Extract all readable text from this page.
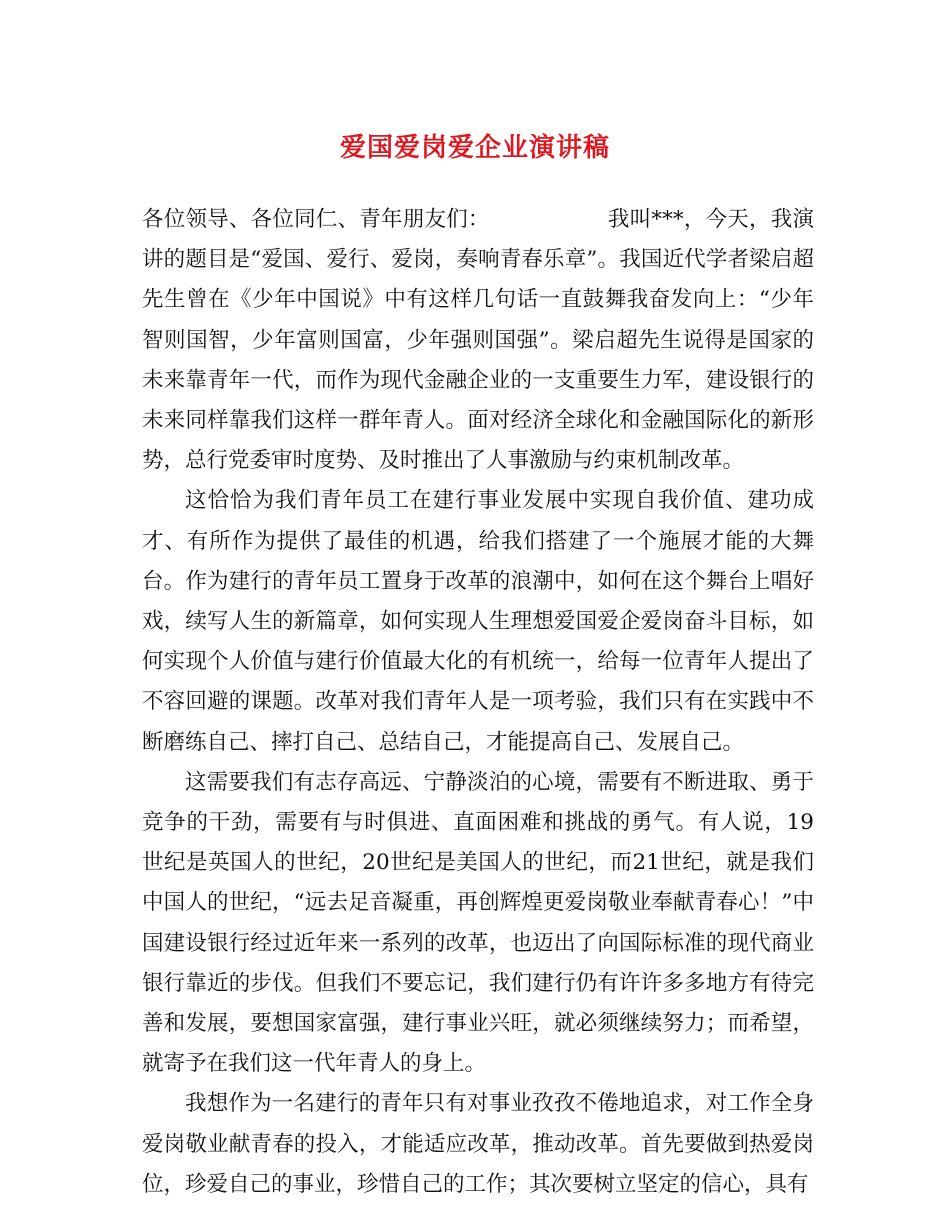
爱国爱岗爱企业演讲稿

各位领导、各位同仁、青年朋友们：	我叫***，今天，我演讲的题目是“爱国、爱行、爱岗，奏响青春乐章”。我国近代学者梁启超先生曾在《少年中国说》中有这样几句话一直鼓舞我奋发向上：“少年智则国智，少年富则国富，少年强则国强”。梁启超先生说得是国家的未来靠青年一代，而作为现代金融企业的一支重要生力军，建设银行的未来同样靠我们这样一群年青人。面对经济全球化和金融国际化的新形势，总行党委审时度势、及时推出了人事激励与约束机制改革。

这恰恰为我们青年员工在建行事业发展中实现自我价值、建功成才、有所作为提供了最佳的机遇，给我们搭建了一个施展才能的大舞台。作为建行的青年员工置身于改革的浪潮中，如何在这个舞台上唱好戏，续写人生的新篇章，如何实现人生理想爱国爱企爱岗奋斗目标，如何实现个人价值与建行价值最大化的有机统一，给每一位青年人提出了不容回避的课题。改革对我们青年人是一项考验，我们只有在实践中不断磨练自己、摔打自己、总结自己，才能提高自己、发展自己。

这需要我们有志存高远、宁静淡泊的心境，需要有不断进取、勇于竞争的干劲，需要有与时俱进、直面困难和挑战的勇气。有人说，19世纪是英国人的世纪，20世纪是美国人的世纪，而21世纪，就是我们中国人的世纪，“远去足音凝重，再创辉煌更爱岗敬业奉献青春心！”中国建设银行经过近年来一系列的改革，也迈出了向国际标准的现代商业银行靠近的步伐。但我们不要忘记，我们建行仍有许许多多地方有待完善和发展，要想国家富强，建行事业兴旺，就必须继续努力；而希望，就寄予在我们这一代年青人的身上。

我想作为一名建行的青年只有对事业孜孜不倦地追求，对工作全身爱岗敬业献青春的投入，才能适应改革，推动改革。首先要做到热爱岗位，珍爱自己的事业，珍惜自己的工作；其次要树立坚定的信心，具有
